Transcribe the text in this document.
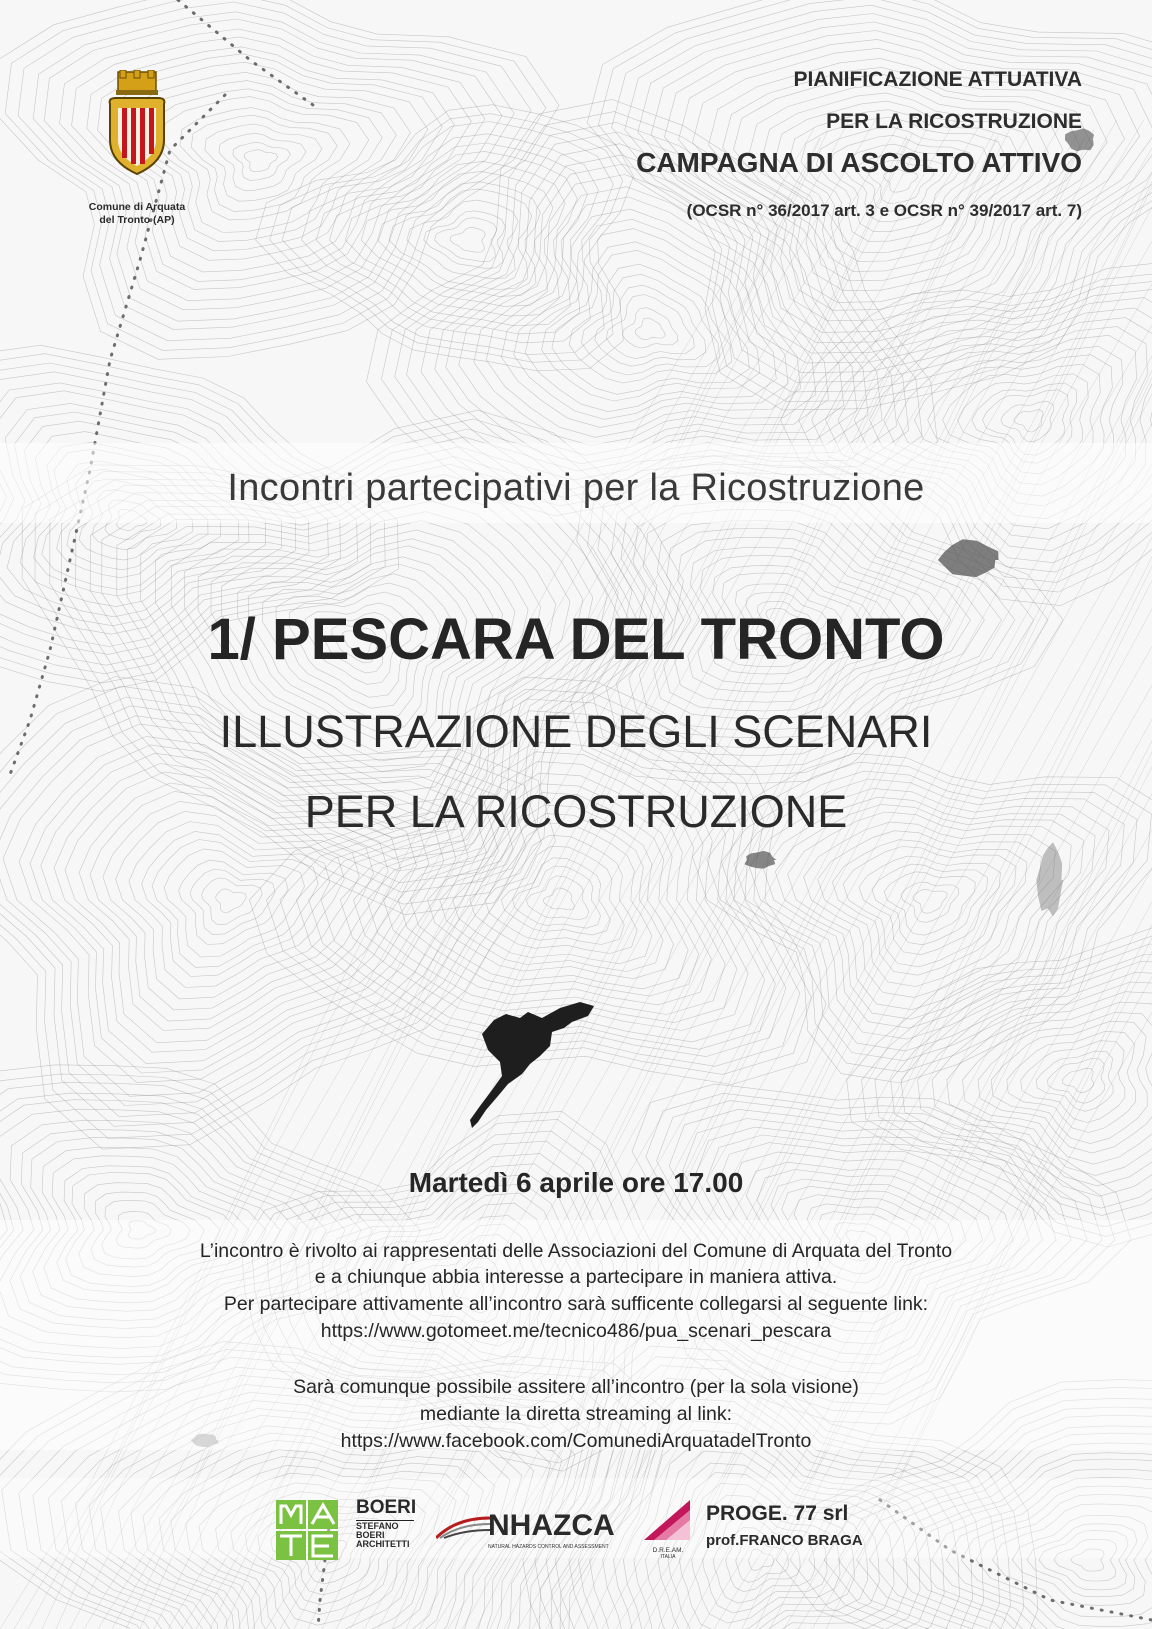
Comune di Arquata
del Tronto (AP)
PIANIFICAZIONE ATTUATIVA
PER LA RICOSTRUZIONE
CAMPAGNA DI ASCOLTO ATTIVO
(OCSR n° 36/2017 art. 3 e OCSR n° 39/2017 art. 7)
Incontri partecipativi per la Ricostruzione
1/ PESCARA DEL TRONTO
ILLUSTRAZIONE DEGLI SCENARI
PER LA RICOSTRUZIONE
Martedì 6 aprile ore 17.00
L’incontro è rivolto ai rappresentati delle Associazioni del Comune di Arquata del Tronto
e a chiunque abbia interesse a partecipare in maniera attiva.
Per partecipare attivamente all’incontro sarà sufficente collegarsi al seguente link:
https://www.gotomeet.me/tecnico486/pua_scenari_pescara
Sarà comunque possibile assitere all’incontro (per la sola visione)
mediante la diretta streaming al link:
https://www.facebook.com/ComunediArquatadelTronto
BOERI
STEFANO
BOERI
ARCHITETTI
NHAZCA
NATURAL HAZARDS CONTROL AND ASSESSMENT	D.R.E.AM.
ITALIA
PROGE. 77 srl
prof.FRANCO BRAGA
